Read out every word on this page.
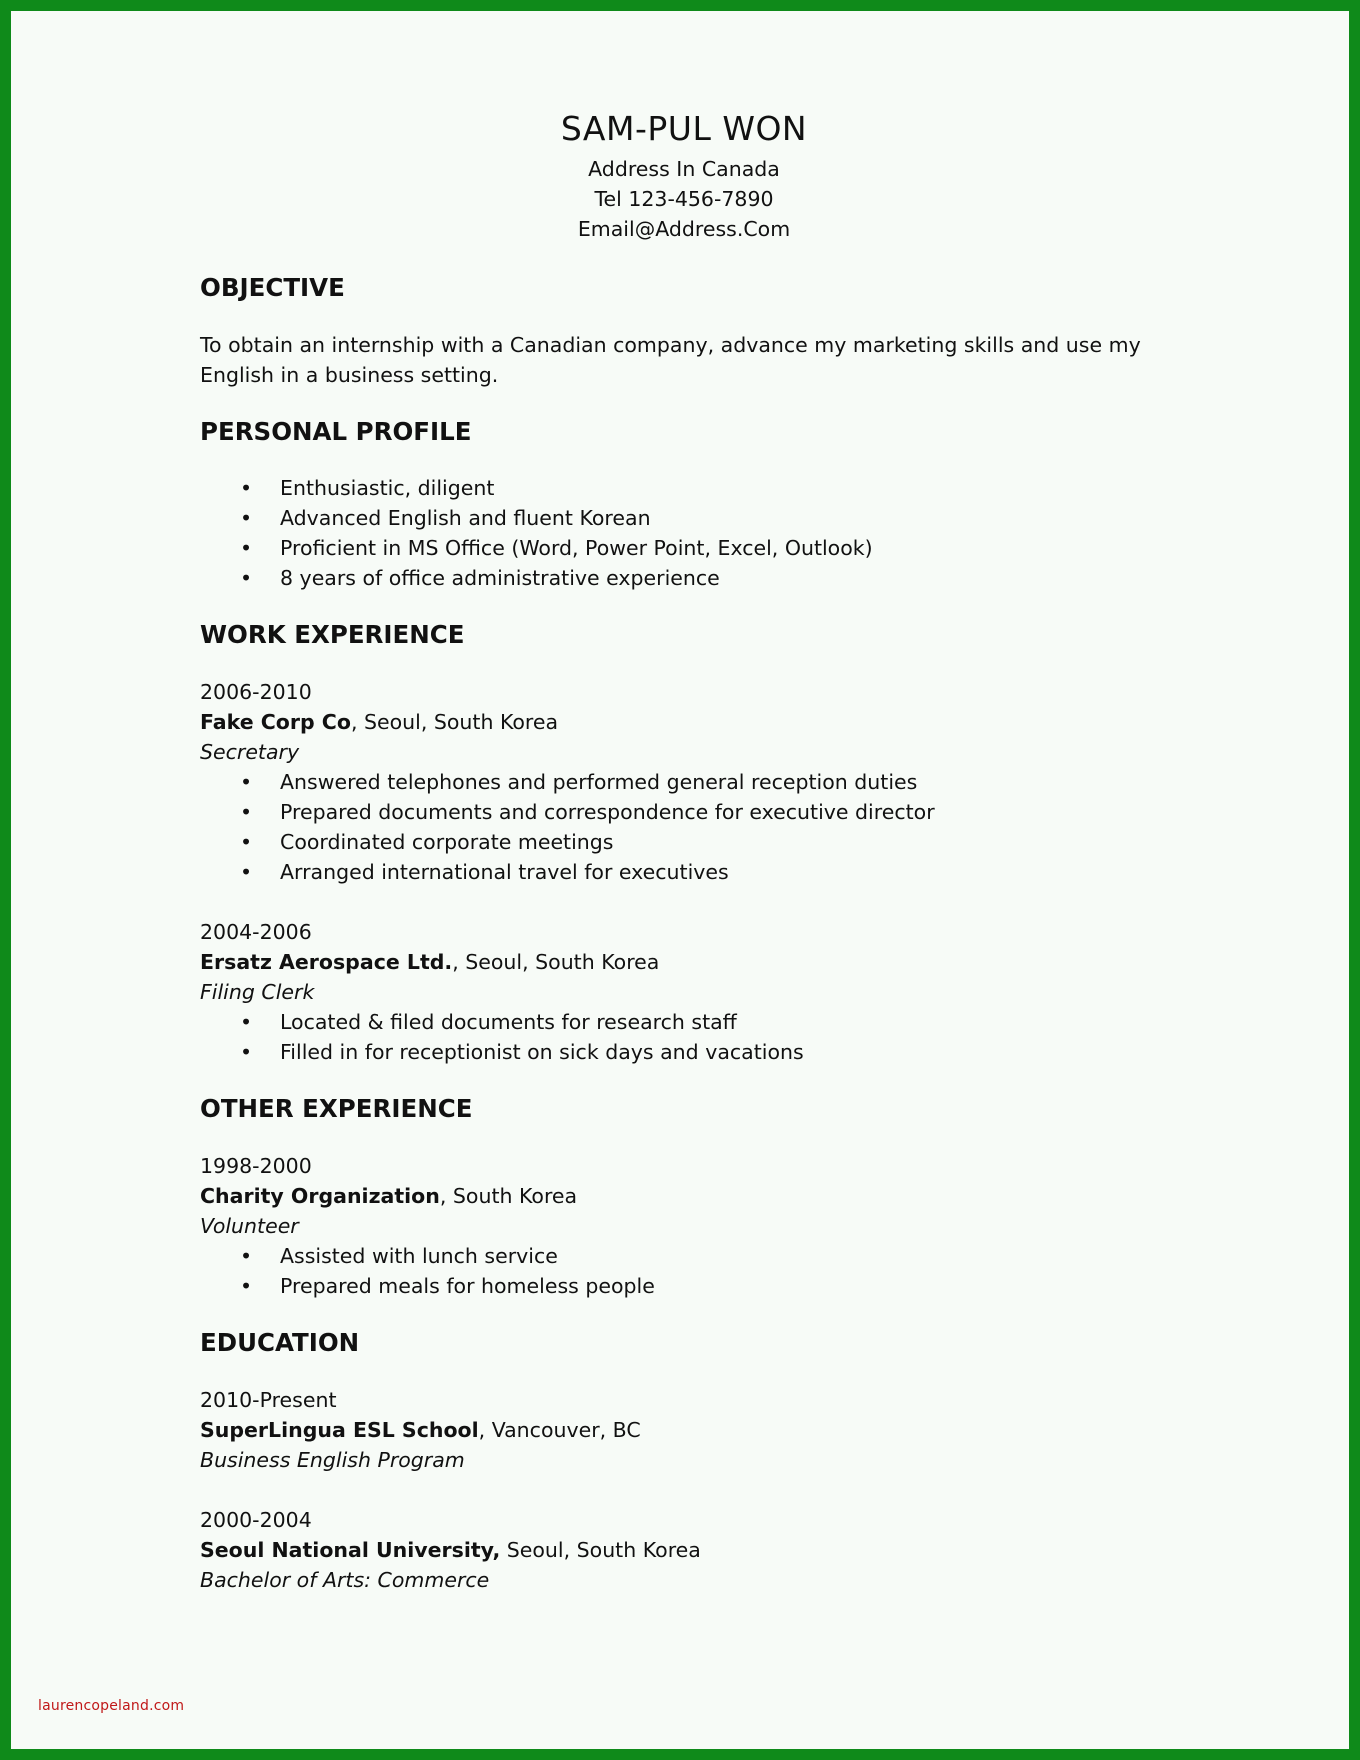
SAM-PUL WON
Address In Canada
Tel 123-456-7890
Email@Address.Com
OBJECTIVE

To obtain an internship with a Canadian company, advance my marketing skills and use my

English in a business setting.

PERSONAL PROFILE
• Enthusiastic, diligent
• Advanced English and fluent Korean
• Proficient in MS Office (Word, Power Point, Excel, Outlook)
• 8 years of office administrative experience
WORK EXPERIENCE
2006-2010
Fake Corp Co, Seoul, South Korea
Secretary
• Answered telephones and performed general reception duties
• Prepared documents and correspondence for executive director
• Coordinated corporate meetings
• Arranged international travel for executives
2004-2006
Ersatz Aerospace Ltd., Seoul, South Korea
Filing Clerk
• Located & filed documents for research staff
• Filled in for receptionist on sick days and vacations
OTHER EXPERIENCE
1998-2000
Charity Organization, South Korea
Volunteer
• Assisted with lunch service
• Prepared meals for homeless people
EDUCATION
2010-Present
SuperLingua ESL School, Vancouver, BC
Business English Program
2000-2004
Seoul National University, Seoul, South Korea
Bachelor of Arts: Commerce
laurencopeland.com
